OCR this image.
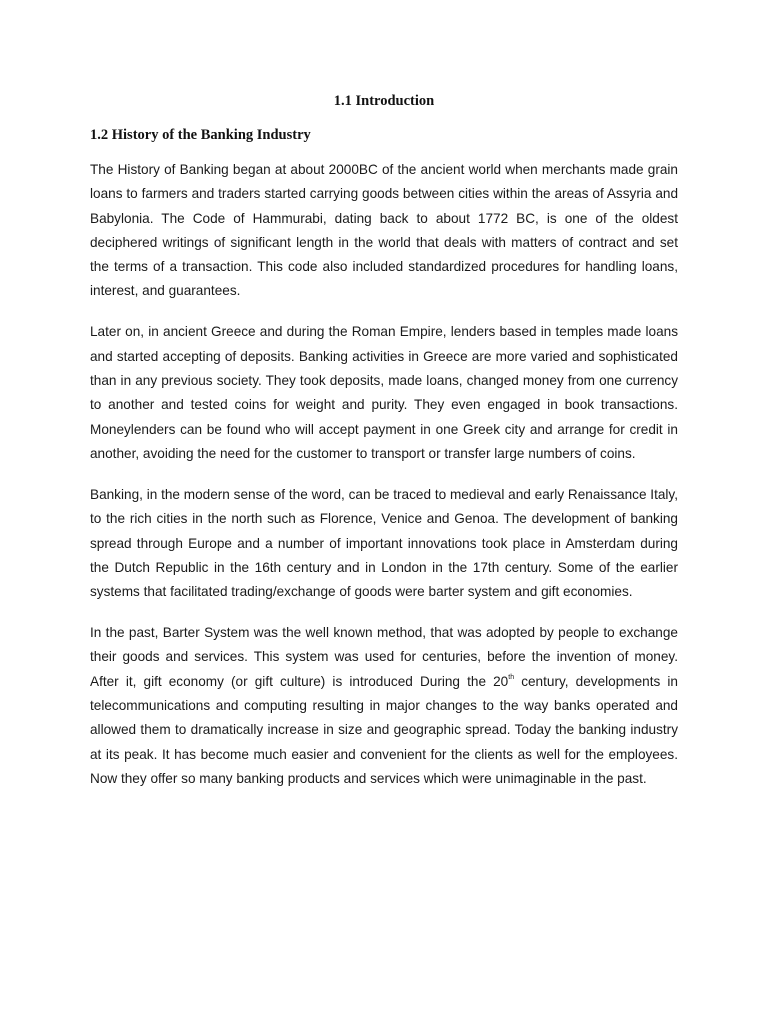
1.1 Introduction
1.2 History of the Banking Industry

The History of Banking began at about 2000BC of the ancient world when merchants made grain loans to farmers and traders started carrying goods between cities within the areas of Assyria and Babylonia. The Code of Hammurabi, dating back to about 1772 BC, is one of the oldest deciphered writings of significant length in the world that deals with matters of contract and set the terms of a transaction. This code also included standardized procedures for handling loans, interest, and guarantees.

Later on, in ancient Greece and during the Roman Empire, lenders based in temples made loans and started accepting of deposits. Banking activities in Greece are more varied and sophisticated than in any previous society. They took deposits, made loans, changed money from one currency to another and tested coins for weight and purity. They even engaged in book transactions. Moneylenders can be found who will accept payment in one Greek city and arrange for credit in another, avoiding the need for the customer to transport or transfer large numbers of coins.

Banking, in the modern sense of the word, can be traced to medieval and early Renaissance Italy, to the rich cities in the north such as Florence, Venice and Genoa. The development of banking spread through Europe and a number of important innovations took place in Amsterdam during the Dutch Republic in the 16th century and in London in the 17th century. Some of the earlier systems that facilitated trading/exchange of goods were barter system and gift economies.

In the past, Barter System was the well known method, that was adopted by people to exchange their goods and services. This system was used for centuries, before the invention of money. After it, gift economy (or gift culture) is introduced During the 20th century, developments in telecommunications and computing resulting in major changes to the way banks operated and allowed them to dramatically increase in size and geographic spread. Today the banking industry at its peak. It has become much easier and convenient for the clients as well for the employees. Now they offer so many banking products and services which were unimaginable in the past.
